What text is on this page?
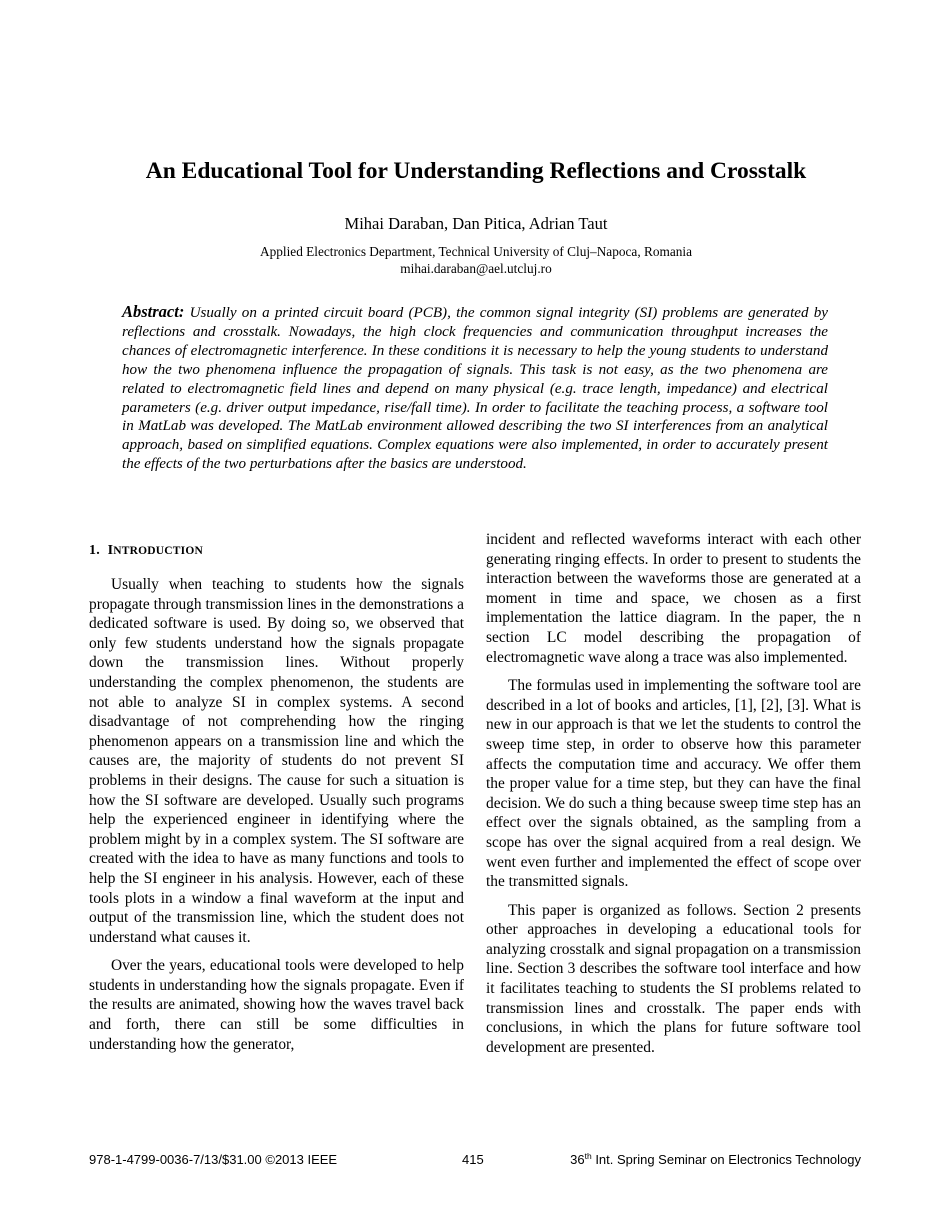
An Educational Tool for Understanding Reflections and Crosstalk
Mihai Daraban, Dan Pitica, Adrian Taut
Applied Electronics Department, Technical University of Cluj–Napoca, Romania
mihai.daraban@ael.utcluj.ro

Abstract: Usually on a printed circuit board (PCB), the common signal integrity (SI) problems are generated by reflections and crosstalk. Nowadays, the high clock frequencies and communication throughput increases the chances of electromagnetic interference. In these conditions it is necessary to help the young students to understand how the two phenomena influence the propagation of signals. This task is not easy, as the two phenomena are related to electromagnetic field lines and depend on many physical (e.g. trace length, impedance) and electrical parameters (e.g. driver output impedance, rise/fall time). In order to facilitate the teaching process, a software tool in MatLab was developed. The MatLab environment allowed describing the two SI interferences from an analytical approach, based on simplified equations. Complex equations were also implemented, in order to accurately present the effects of the two perturbations after the basics are understood.

1. INTRODUCTION

Usually when teaching to students how the signals propagate through transmission lines in the demonstrations a dedicated software is used. By doing so, we observed that only few students understand how the signals propagate down the transmission lines. Without properly understanding the complex phenomenon, the students are not able to analyze SI in complex systems. A second disadvantage of not comprehending how the ringing phenomenon appears on a transmission line and which the causes are, the majority of students do not prevent SI problems in their designs. The cause for such a situation is how the SI software are developed. Usually such programs help the experienced engineer in identifying where the problem might by in a complex system. The SI software are created with the idea to have as many functions and tools to help the SI engineer in his analysis. However, each of these tools plots in a window a final waveform at the input and output of the transmission line, which the student does not understand what causes it.

Over the years, educational tools were developed to help students in understanding how the signals propagate. Even if the results are animated, showing how the waves travel back and forth, there can still be some difficulties in understanding how the generator,

incident and reflected waveforms interact with each other generating ringing effects. In order to present to students the interaction between the waveforms those are generated at a moment in time and space, we chosen as a first implementation the lattice diagram. In the paper, the n section LC model describing the propagation of electromagnetic wave along a trace was also implemented.

The formulas used in implementing the software tool are described in a lot of books and articles, [1], [2], [3]. What is new in our approach is that we let the students to control the sweep time step, in order to observe how this parameter affects the computation time and accuracy. We offer them the proper value for a time step, but they can have the final decision. We do such a thing because sweep time step has an effect over the signals obtained, as the sampling from a scope has over the signal acquired from a real design. We went even further and implemented the effect of scope over the transmitted signals.

This paper is organized as follows. Section 2 presents other approaches in developing a educational tools for analyzing crosstalk and signal propagation on a transmission line. Section 3 describes the software tool interface and how it facilitates teaching to students the SI problems related to transmission lines and crosstalk. The paper ends with conclusions, in which the plans for future software tool development are presented.

978-1-4799-0036-7/13/$31.00 ©2013 IEEE	415	36th Int. Spring Seminar on Electronics Technology
